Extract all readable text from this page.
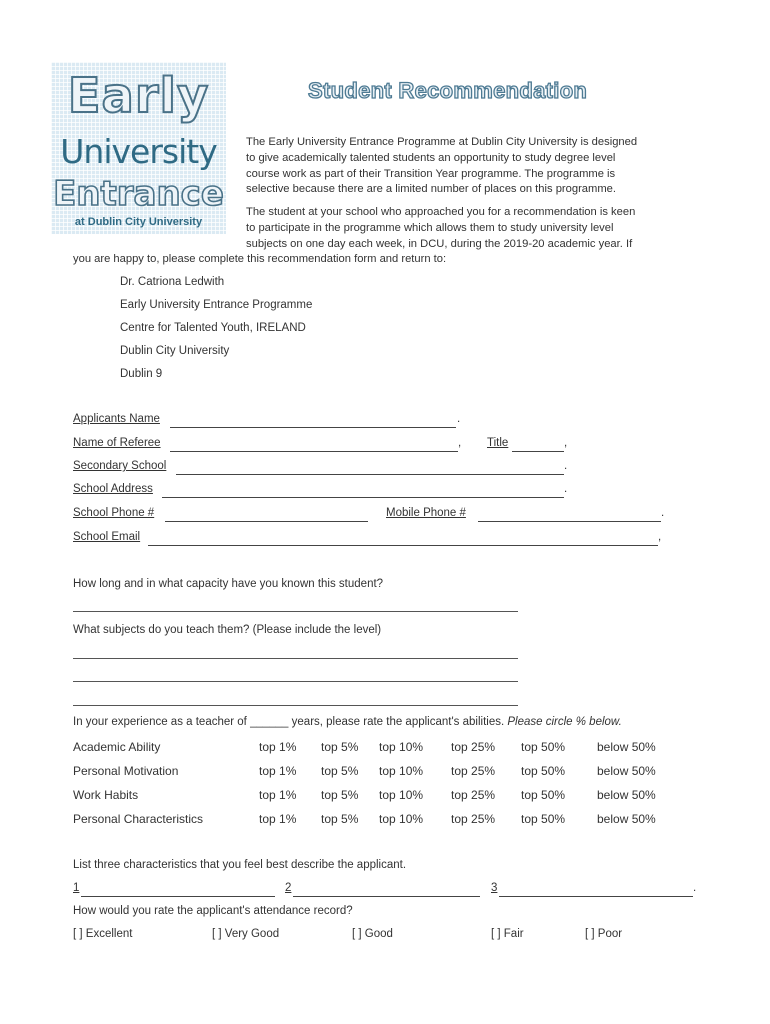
Early
University
Entrance
at Dublin City University
Student Recommendation
The Early University Entrance Programme at Dublin City University is designed
to give academically talented students an opportunity to study degree level
course work as part of their Transition Year programme. The programme is
selective because there are a limited number of places on this programme.
The student at your school who approached you for a recommendation is keen
to participate in the programme which allows them to study university level
subjects on one day each week, in DCU, during the 2019-20 academic year. If
you are happy to, please complete this recommendation form and return to:
Dr. Catriona Ledwith
Early University Entrance Programme
Centre for Talented Youth, IRELAND
Dublin City University
Dublin 9
Applicants Name	.
Name of Referee	, Title	,
Secondary School	.
School Address	.
School Phone #	Mobile Phone #	.
School Email	,
How long and in what capacity have you known this student?
What subjects do you teach them? (Please include the level)
In your experience as a teacher of ______ years, please rate the applicant's abilities. Please circle % below.
Academic Ability	top 1% top 5% top 10% top 25% top 50%	below 50%
Personal Motivation	top 1% top 5% top 10% top 25% top 50%	below 50%
Work Habits	top 1% top 5% top 10% top 25% top 50%	below 50%
Personal Characteristics	top 1% top 5% top 10% top 25% top 50%	below 50%
List three characteristics that you feel best describe the applicant.
1	2	3	.
How would you rate the applicant's attendance record?
[ ] Excellent	[ ] Very Good	[ ] Good	[ ] Fair	[ ] Poor
